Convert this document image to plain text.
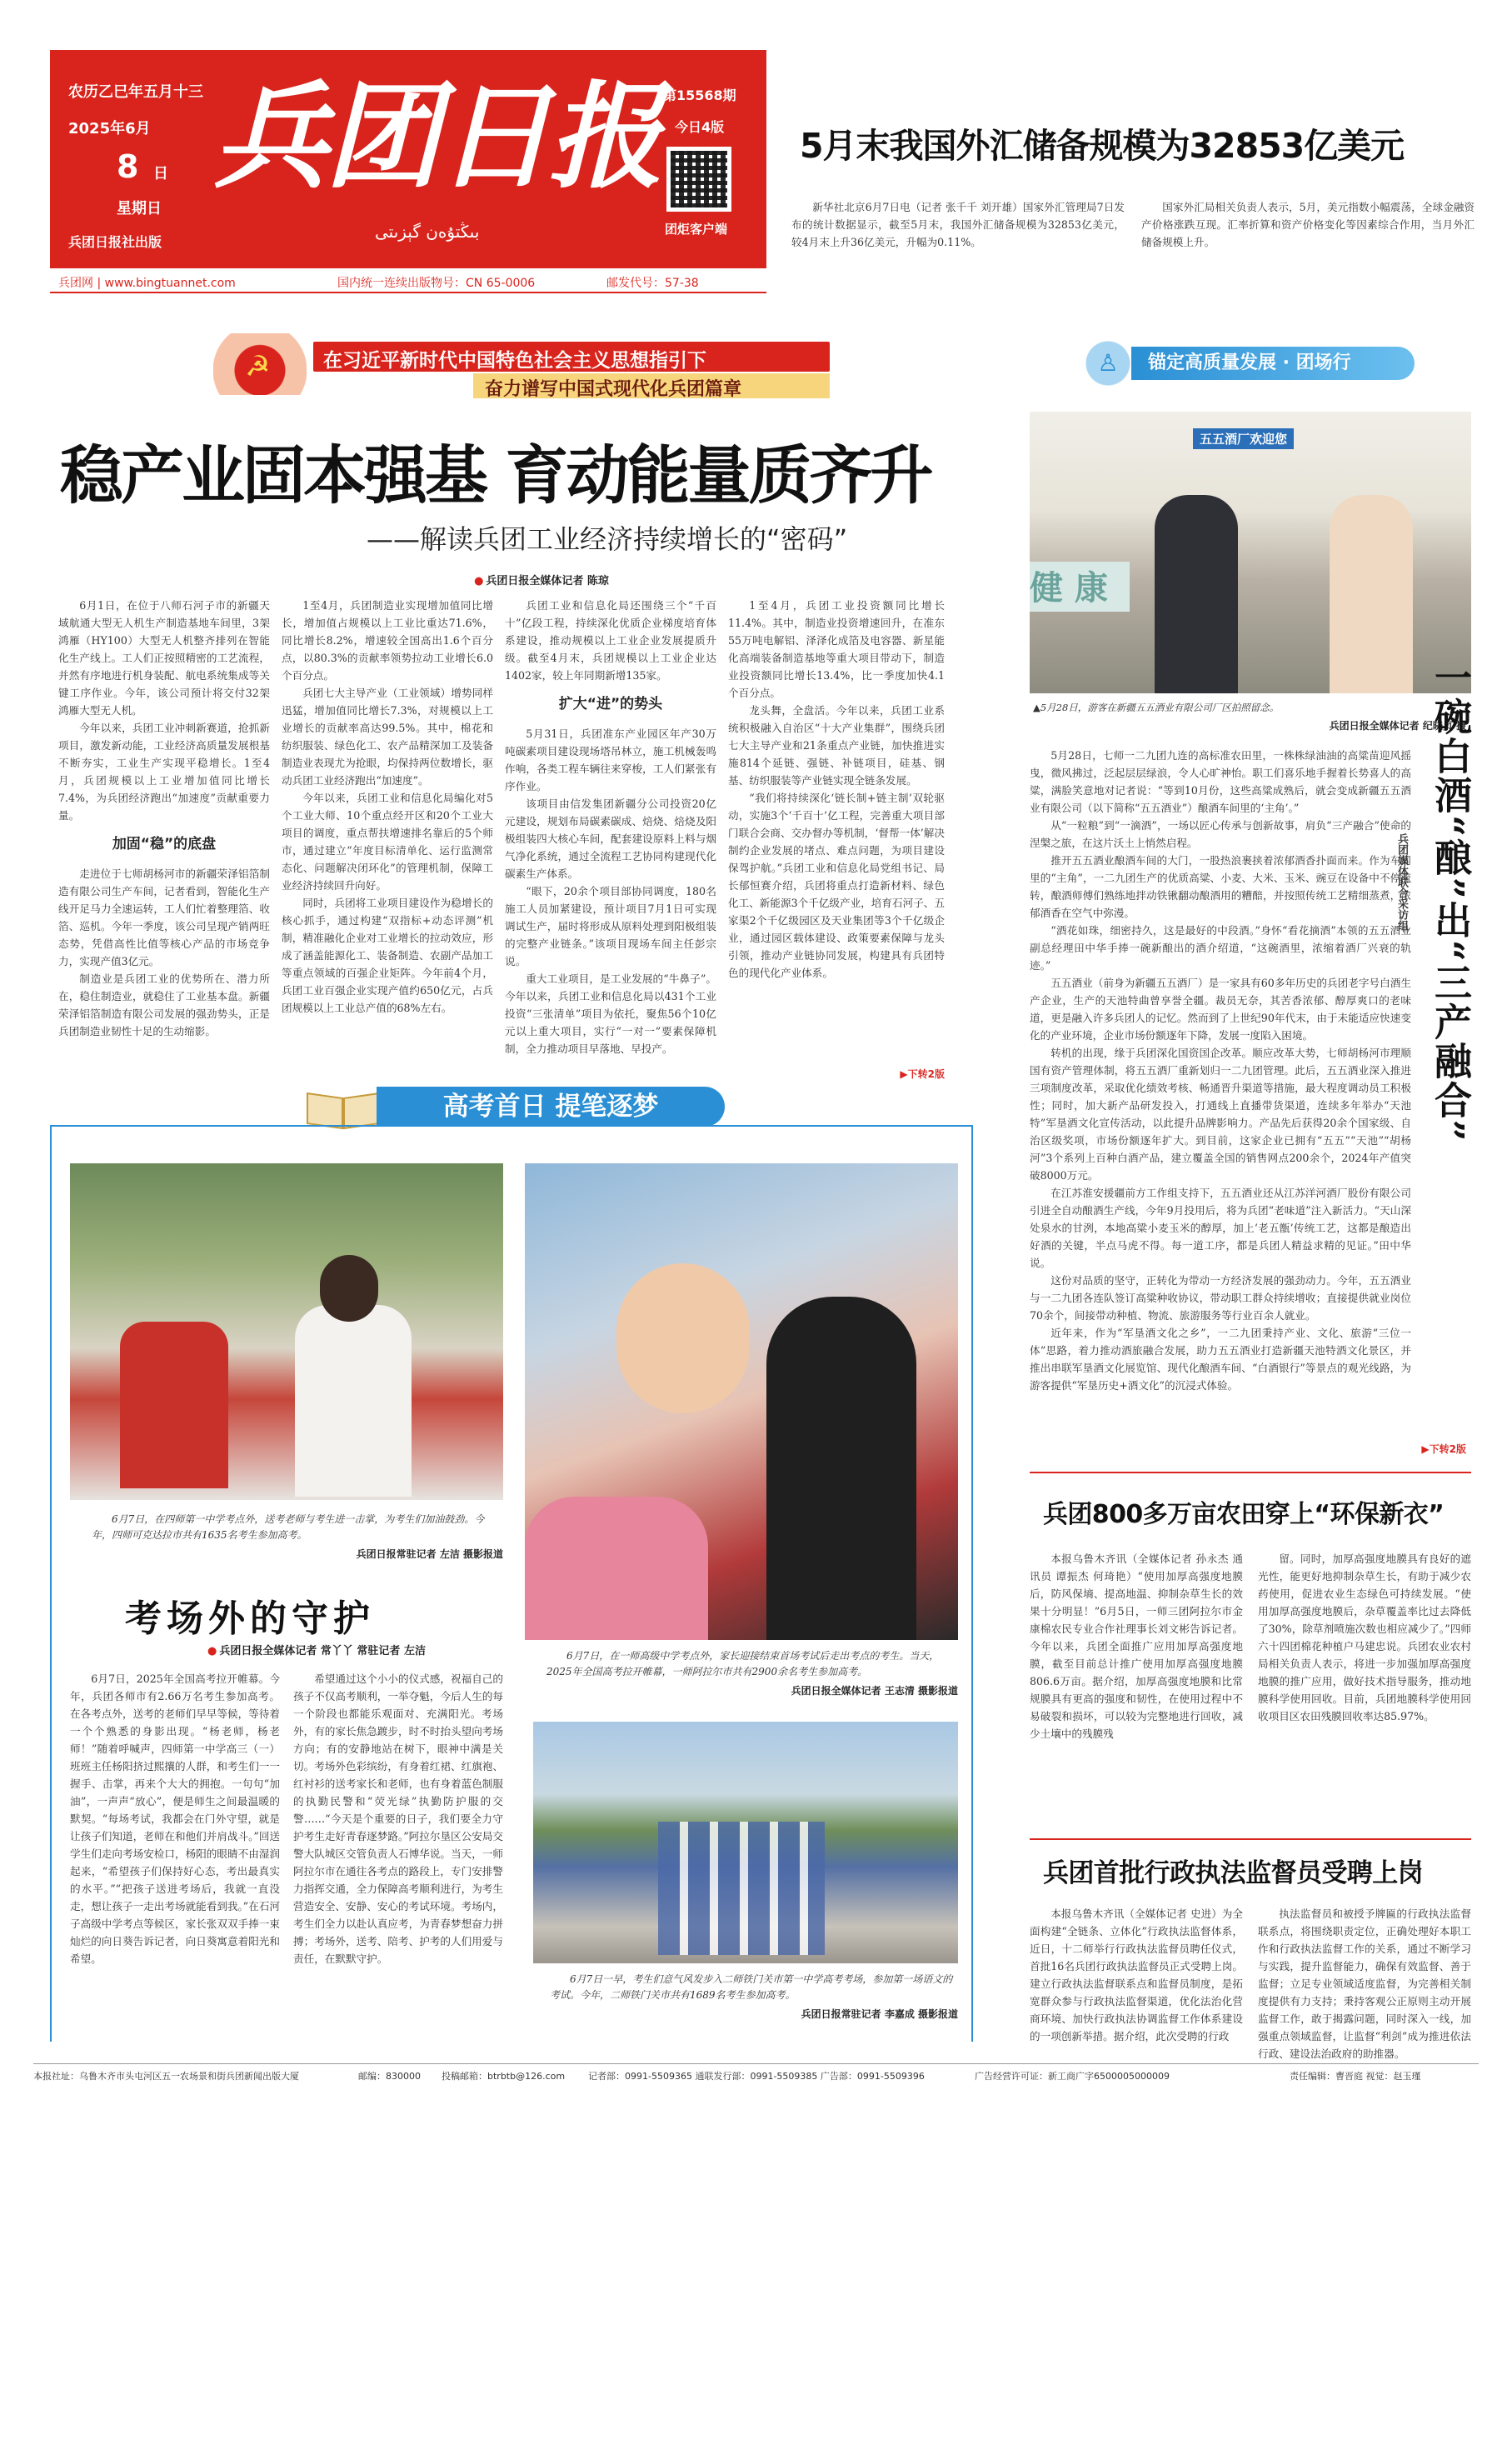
农历乙巳年五月十三
2025年6月
8 日
星期日
兵团日报社出版
兵团日报
بىڭتۇەن گېزىتى
第15568期
今日4版
团炬客户端
兵团网 | www.bingtuannet.com	国内统一连续出版物号：CN 65-0006	邮发代号：57-38
5月末我国外汇储备规模为32853亿美元
新华社北京6月7日电（记者 张千千 刘开雄）国家外汇管理局7日发布的统计数据显示，截至5月末，我国外汇储备规模为32853亿美元，较4月末上升36亿美元，升幅为0.11%。
国家外汇局相关负责人表示，5月，美元指数小幅震荡，全球金融资产价格涨跌互现。汇率折算和资产价格变化等因素综合作用，当月外汇储备规模上升。
☭	在习近平新时代中国特色社会主义思想指引下
奋力谱写中国式现代化兵团篇章
稳产业固本强基 育动能量质齐升
——解读兵团工业经济持续增长的“密码”
● 兵团日报全媒体记者 陈琼

6月1日，在位于八师石河子市的新疆天域航通大型无人机生产制造基地车间里，3架鸿雁（HY100）大型无人机整齐排列在智能化生产线上。工人们正按照精密的工艺流程，并然有序地进行机身装配、航电系统集成等关键工序作业。今年，该公司预计将交付32架鸿雁大型无人机。

今年以来，兵团工业冲刺新赛道，抢抓新项目，激发新动能，工业经济高质量发展根基不断夯实，工业生产实现平稳增长。1至4月，兵团规模以上工业增加值同比增长7.4%，为兵团经济跑出“加速度”贡献重要力量。

加固“稳”的底盘

走进位于七师胡杨河市的新疆荣泽铝箔制造有限公司生产车间，记者看到，智能化生产线开足马力全速运转，工人们忙着整理箔、收箔、巡机。今年一季度，该公司呈现产销两旺态势，凭借高性比值等核心产品的市场竞争力，实现产值3亿元。

制造业是兵团工业的优势所在、潜力所在，稳住制造业，就稳住了工业基本盘。新疆荣泽铝箔制造有限公司发展的强劲势头，正是兵团制造业韧性十足的生动缩影。

1至4月，兵团制造业实现增加值同比增长，增加值占规模以上工业比重达71.6%，同比增长8.2%，增速较全国高出1.6个百分点，以80.3%的贡献率领势拉动工业增长6.0个百分点。

兵团七大主导产业（工业领域）增势同样迅猛，增加值同比增长7.3%，对规模以上工业增长的贡献率高达99.5%。其中，棉花和纺织服装、绿色化工、农产品精深加工及装备制造业表现尤为抢眼，均保持两位数增长，驱动兵团工业经济跑出“加速度”。

今年以来，兵团工业和信息化局编化对5个工业大师、10个重点经开区和20个工业大项目的调度，重点帮扶增速排名靠后的5个师市，通过建立“年度目标清单化、运行监测常态化、问题解决闭环化”的管理机制，保障工业经济持续回升向好。

同时，兵团将工业项目建设作为稳增长的核心抓手，通过构建“双指标+动态评测”机制，精准融化企业对工业增长的拉动效应，形成了涵盖能源化工、装备制造、农副产品加工等重点领域的百强企业矩阵。今年前4个月，兵团工业百强企业实现产值约650亿元，占兵团规模以上工业总产值的68%左右。

兵团工业和信息化局还围绕三个“千百十”亿段工程，持续深化优质企业梯度培育体系建设，推动规模以上工业企业发展提质升级。截至4月末，兵团规模以上工业企业达1402家，较上年同期新增135家。

扩大“进”的势头

5月31日，兵团准东产业园区年产30万吨碳素项目建设现场塔吊林立，施工机械轰鸣作响，各类工程车辆往来穿梭，工人们紧张有序作业。

该项目由信发集团新疆分公司投资20亿元建设，规划布局碳素碳成、焙烧、焙烧及阳极组装四大核心车间，配套建设原料上料与烟气净化系统，通过全流程工艺协同构建现代化碳素生产体系。

“眼下，20余个项目部协同调度，180名施工人员加紧建设，预计项目7月1日可实现调试生产，届时将形成从原料处理到阳极组装的完整产业链条。”该项目现场车间主任彭宗说。

重大工业项目，是工业发展的“牛鼻子”。今年以来，兵团工业和信息化局以431个工业投资“三张清单”项目为依托，聚焦56个10亿元以上重大项目，实行“一对一”要素保障机制，全力推动项目早落地、早投产。

1至4月，兵团工业投资额同比增长11.4%。其中，制造业投资增速回升，在准东55万吨电解铝、泽泽化成箔及电容器、新星能化高端装备制造基地等重大项目带动下，制造业投资额同比增长13.4%，比一季度加快4.1个百分点。

龙头舞，全盘活。今年以来，兵团工业系统积极融入自治区“十大产业集群”，围绕兵团七大主导产业和21条重点产业链，加快推进实施814个延链、强链、补链项目，硅基、钢基、纺织服装等产业链实现全链条发展。

“我们将持续深化‘链长制+链主制’双轮驱动，实施3个‘千百十’亿工程，完善重大项目部门联合会商、交办督办等机制，‘督帮一体’解决制约企业发展的堵点、难点问题，为项目建设保驾护航。”兵团工业和信息化局党组书记、局长郁恒赛介绍，兵团将重点打造新材料、绿色化工、新能源3个千亿级产业，培育石河子、五家渠2个千亿级园区及天业集团等3个千亿级企业，通过园区载体建设、政策要素保障与龙头引领，推动产业链协同发展，构建具有兵团特色的现代化产业体系。

▶下转2版
高考首日 提笔逐梦
6月7日，在四师第一中学考点外，送考老师与考生进一击掌，为考生们加油鼓劲。今年，四师可克达拉市共有1635名考生参加高考。
兵团日报常驻记者 左洁 摄影报道
6月7日，在一师高级中学考点外，家长迎接结束首场考试后走出考点的考生。当天，2025年全国高考拉开帷幕，一师阿拉尔市共有2900余名考生参加高考。
兵团日报全媒体记者 王志清 摄影报道
考场外的守护
● 兵团日报全媒体记者 常丫丫 常驻记者 左洁
6月7日，2025年全国高考拉开帷幕。今年，兵团各师市有2.66万名考生参加高考。在各考点外，送考的老师们早早等候，等待着一个个熟悉的身影出现。“杨老师，杨老师！”随着呼喊声，四师第一中学高三（一）班班主任杨阳挤过熙攘的人群，和考生们一一握手、击掌，再来个大大的拥抱。一句句“加油”，一声声“放心”，便是师生之间最温暖的默契。“每场考试，我都会在门外守望，就是让孩子们知道，老师在和他们并肩战斗。”回送学生们走向考场安检口，杨阳的眼睛不由湿润起来，“希望孩子们保持好心态，考出最真实的水平。”“把孩子送进考场后，我就一直没走，想让孩子一走出考场就能看到我。”在石河子高级中学考点等候区，家长张双双手捧一束灿烂的向日葵告诉记者，向日葵寓意着阳光和希望。
希望通过这个小小的仪式感，祝福自己的孩子不仅高考顺利，一举夺魁，今后人生的每一个阶段也都能乐观面对、充满阳光。考场外，有的家长焦急踱步，时不时抬头望向考场方向；有的安静地站在树下，眼神中满是关切。考场外色彩缤纷，有身着红裙、红旗袍、红衬衫的送考家长和老师，也有身着蓝色制服的执勤民警和“荧光绿”执勤防护服的交警……“今天是个重要的日子，我们要全力守护考生走好青春逐梦路。”阿拉尔垦区公安局交警大队城区交管负责人石博华说。当天，一师阿拉尔市在通往各考点的路段上，专门安排警力指挥交通，全力保障高考顺利进行，为考生营造安全、安静、安心的考试环境。考场内，考生们全力以赴认真应考，为青春梦想奋力拼搏；考场外，送考、陪考、护考的人们用爱与责任，在默默守护。
6月7日一早，考生们意气风发步入二师铁门关市第一中学高考考场，参加第一场语文的考试。今年，二师铁门关市共有1689名考生参加高考。
兵团日报常驻记者 李嘉成 摄影报道
♙	锚定高质量发展 · 团场行
五五酒厂欢迎您
健 康
▲5月28日，游客在新疆五五酒业有限公司厂区拍照留念。
兵团日报全媒体记者 纪晓贞 摄

5月28日，七师一二九团九连的高标准农田里，一株株绿油油的高粱苗迎风摇曳，微风拂过，泛起层层绿浪，令人心旷神怡。职工们喜乐地手握着长势喜人的高粱，满脸笑意地对记者说：“等到10月份，这些高粱成熟后，就会变成新疆五五酒业有限公司（以下简称“五五酒业”）酿酒车间里的‘主角’。”

从“一粒粮”到“一滴酒”，一场以匠心传承与创新故事，肩负“三产融合”使命的涅槃之旅，在这片沃土上悄然启程。

推开五五酒业酿酒车间的大门，一股热浪裹挟着浓郁酒香扑面而来。作为车间里的“主角”，一二九团生产的优质高粱、小麦、大米、玉米、豌豆在设备中不停流转，酿酒师傅们熟练地拌动铁锹翻动酿酒用的糟醅，并按照传统工艺精细蒸煮，浓郁酒香在空气中弥漫。

“酒花如珠，细密持久，这是最好的中段酒。”身怀“看花摘酒”本领的五五酒业副总经理田中华手捧一碗新酿出的酒介绍道，“这碗酒里，浓缩着酒厂兴衰的轨迹。”

五五酒业（前身为新疆五五酒厂）是一家具有60多年历史的兵团老字号白酒生产企业，生产的天池特曲曾享誉全疆。裁员无奈，其苦香浓郁、醇厚爽口的老味道，更是融入许多兵团人的记忆。然而到了上世纪90年代末，由于未能适应快速变化的产业环境，企业市场份额逐年下降，发展一度陷入困境。

转机的出现，缘于兵团深化国资国企改革。顺应改革大势，七师胡杨河市理顺国有资产管理体制，将五五酒厂重新划归一二九团管理。此后，五五酒业深入推进三项制度改革，采取优化绩效考核、畅通晋升渠道等措施，最大程度调动员工积极性；同时，加大新产品研发投入，打通线上直播带货渠道，连续多年举办“天池特”军垦酒文化宣传活动，以此提升品牌影响力。产品先后获得20余个国家级、自治区级奖项，市场份额逐年扩大。到目前，这家企业已拥有“五五”“天池”“胡杨河”3个系列上百种白酒产品，建立覆盖全国的销售网点200余个，2024年产值突破8000万元。

在江苏淮安援疆前方工作组支持下，五五酒业还从江苏洋河酒厂股份有限公司引进全自动酿酒生产线，今年9月投用后，将为兵团“老味道”注入新活力。“天山深处泉水的甘洌，本地高粱小麦玉米的醇厚，加上‘老五甑’传统工艺，这都是酿造出好酒的关键，半点马虎不得。每一道工序，都是兵团人精益求精的见证。”田中华说。

这份对品质的坚守，正转化为带动一方经济发展的强劲动力。今年，五五酒业与一二九团各连队签订高粱种收协议，带动职工群众持续增收；直接提供就业岗位70余个，间接带动种植、物流、旅游服务等行业百余人就业。

近年来，作为“军垦酒文化之乡”，一二九团秉持产业、文化、旅游“三位一体”思路，着力推动酒旅融合发展，助力五五酒业打造新疆天池特酒文化景区，并推出串联军垦酒文化展览馆、现代化酿酒车间、“白酒银行”等景点的观光线路，为游客提供“军垦历史+酒文化”的沉浸式体验。

▶下转2版
一碗白酒“酿”出“三产融合”
兵团媒体联合采访组
兵团800多万亩农田穿上“环保新衣”
本报乌鲁木齐讯（全媒体记者 孙永杰 通讯员 谭振杰 何琦艳）“使用加厚高强度地膜后，防风保墒、提高地温、抑制杂草生长的效果十分明显！”6月5日，一师三团阿拉尔市金康棉农民专业合作社理事长刘文彬告诉记者。今年以来，兵团全面推广应用加厚高强度地膜，截至目前总计推广使用加厚高强度地膜806.6万亩。据介绍，加厚高强度地膜和比常规膜具有更高的强度和韧性，在使用过程中不易破裂和损坏，可以较为完整地进行回收，减少土壤中的残膜残
留。同时，加厚高强度地膜具有良好的遮光性，能更好地抑制杂草生长，有助于减少农药使用，促进农业生态绿色可持续发展。“使用加厚高强度地膜后，杂草覆盖率比过去降低了30%，除草剂喷施次数也相应减少了。”四师六十四团棉花种植户马建忠说。兵团农业农村局相关负责人表示，将进一步加强加厚高强度地膜的推广应用，做好技术指导服务，推动地膜科学使用回收。目前，兵团地膜科学使用回收项目区农田残膜回收率达85.97%。
兵团首批行政执法监督员受聘上岗
本报乌鲁木齐讯（全媒体记者 史进）为全面构建“全链条、立体化”行政执法监督体系，近日，十二师举行行政执法监督员聘任仪式，首批16名兵团行政执法监督员正式受聘上岗。建立行政执法监督联系点和监督员制度，是拓宽群众参与行政执法监督渠道，优化法治化营商环境、加快行政执法协调监督工作体系建设的一项创新举措。据介绍，此次受聘的行政
执法监督员和被授予牌匾的行政执法监督联系点，将围绕职责定位，正确处理好本职工作和行政执法监督工作的关系，通过不断学习与实践，提升监督能力，确保有效监督、善于监督；立足专业领域适度监督，为完善相关制度提供有力支持；秉持客观公正原则主动开展监督工作，敢于揭露问题，同时深入一线，加强重点领域监督，让监督“利剑”成为推进依法行政、建设法治政府的助推器。
本报社址：乌鲁木齐市头屯河区五一农场景和街兵团新闻出版大厦	邮编：830000 投稿邮箱：btrbtb@126.com	记者部：0991-5509365 通联发行部：0991-5509385 广告部：0991-5509396	广告经营许可证：新工商广字6500005000009	责任编辑：曹晋庭 视觉：赵玉瑾
